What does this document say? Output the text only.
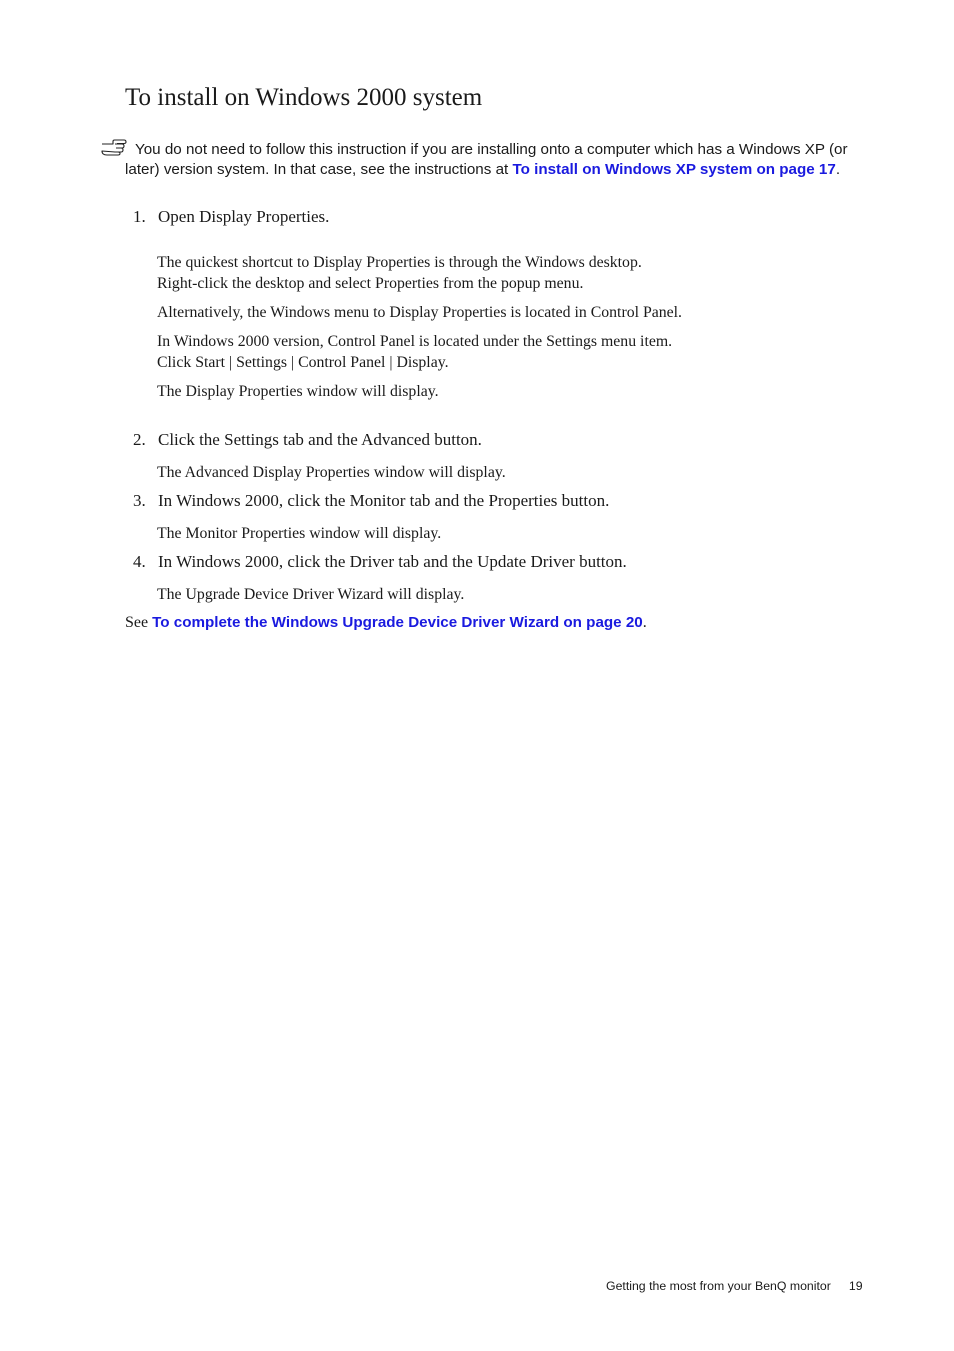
To install on Windows 2000 system
You do not need to follow this instruction if you are installing onto a computer which has a Windows XP (or later) version system. In that case, see the instructions at To install on Windows XP system on page 17.
1. Open Display Properties.
The quickest shortcut to Display Properties is through the Windows desktop.
Right-click the desktop and select Properties from the popup menu.
Alternatively, the Windows menu to Display Properties is located in Control Panel.
In Windows 2000 version, Control Panel is located under the Settings menu item.
Click Start | Settings | Control Panel | Display.
The Display Properties window will display.
2. Click the Settings tab and the Advanced button.
The Advanced Display Properties window will display.
3. In Windows 2000, click the Monitor tab and the Properties button.
The Monitor Properties window will display.
4. In Windows 2000, click the Driver tab and the Update Driver button.
The Upgrade Device Driver Wizard will display.
See To complete the Windows Upgrade Device Driver Wizard on page 20.
Getting the most from your BenQ monitor 19
